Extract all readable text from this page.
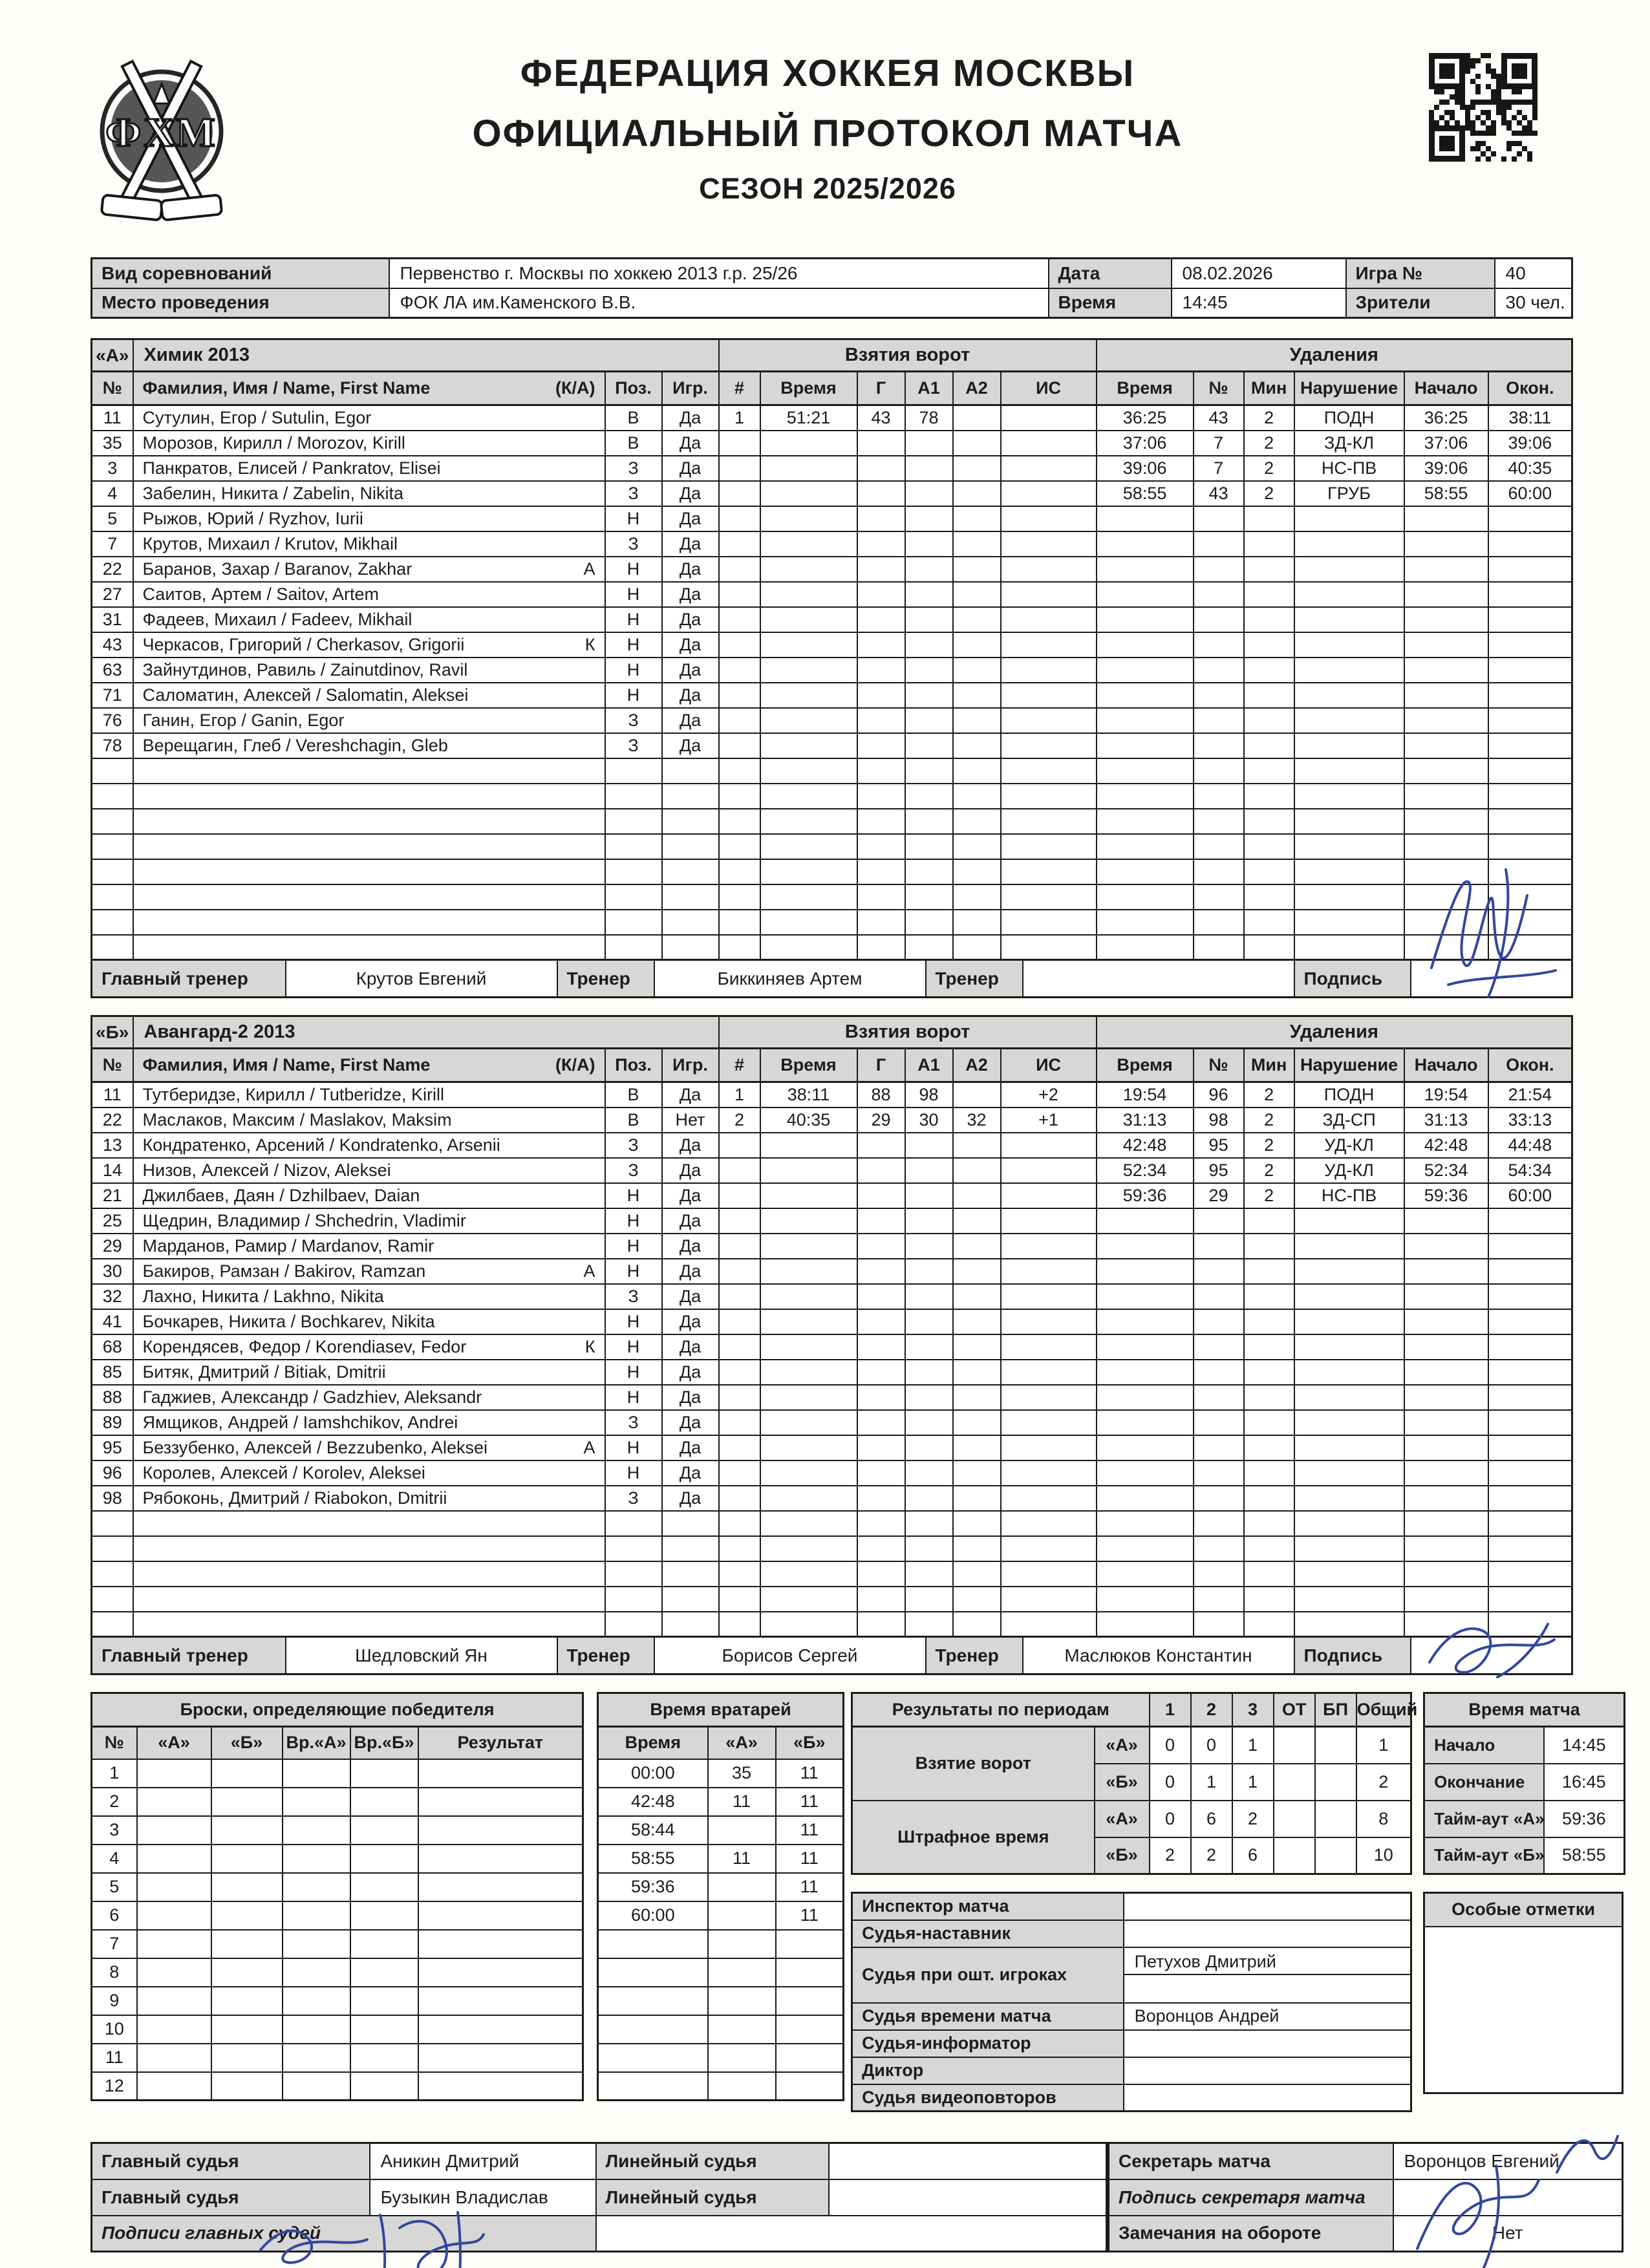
ФХМ
ФЕДЕРАЦИЯ ХОККЕЯ МОСКВЫ
ОФИЦИАЛЬНЫЙ ПРОТОКОЛ МАТЧА
СЕЗОН 2025/2026
Вид соревнований	Первенство г. Москвы по хоккею 2013 г.р. 25/26	Дата	08.02.2026	Игра №	40
Место проведения	ФОК ЛА им.Каменского В.В.	Время	14:45	Зрители	30 чел.
«А»	Химик 2013			Взятия ворот						Удаления					
№	Фамилия, Имя / Name, First Name (К/А)	Поз.	Игр.	#	Время	Г	А1	А2	ИС	Время	№	Мин	Нарушение	Начало	Окон.
11	Сутулин, Егор / Sutulin, Egor	В	Да	1	51:21	43	78			36:25	43	2	ПОДН	36:25	38:11
35	Морозов, Кирилл / Morozov, Kirill	В	Да							37:06	7	2	ЗД-КЛ	37:06	39:06
3	Панкратов, Елисей / Pankratov, Elisei	З	Да							39:06	7	2	НС-ПВ	39:06	40:35
4	Забелин, Никита / Zabelin, Nikita	З	Да							58:55	43	2	ГРУБ	58:55	60:00
5	Рыжов, Юрий / Ryzhov, Iurii	Н	Да												
7	Крутов, Михаил / Krutov, Mikhail	З	Да												
22	Баранов, Захар / Baranov, Zakhar А	Н	Да												
27	Саитов, Артем / Saitov, Artem	Н	Да												
31	Фадеев, Михаил / Fadeev, Mikhail	Н	Да												
43	Черкасов, Григорий / Cherkasov, Grigorii К	Н	Да												
63	Зайнутдинов, Равиль / Zainutdinov, Ravil	Н	Да												
71	Саломатин, Алексей / Salomatin, Aleksei	Н	Да												
76	Ганин, Егор / Ganin, Egor	З	Да												
78	Верещагин, Глеб / Vereshchagin, Gleb	З	Да												

Главный тренер	Крутов Евгений	Тренер	Биккиняев Артем	Тренер		Подпись	
«Б»	Авангард-2 2013			Взятия ворот						Удаления					
№	Фамилия, Имя / Name, First Name (К/А)	Поз.	Игр.	#	Время	Г	А1	А2	ИС	Время	№	Мин	Нарушение	Начало	Окон.
11	Тутберидзе, Кирилл / Tutberidze, Kirill	В	Да	1	38:11	88	98		+2	19:54	96	2	ПОДН	19:54	21:54
22	Маслаков, Максим / Maslakov, Maksim	В	Нет	2	40:35	29	30	32	+1	31:13	98	2	ЗД-СП	31:13	33:13
13	Кондратенко, Арсений / Kondratenko, Arsenii	З	Да							42:48	95	2	УД-КЛ	42:48	44:48
14	Низов, Алексей / Nizov, Aleksei	З	Да							52:34	95	2	УД-КЛ	52:34	54:34
21	Джилбаев, Даян / Dzhilbaev, Daian	Н	Да							59:36	29	2	НС-ПВ	59:36	60:00
25	Щедрин, Владимир / Shchedrin, Vladimir	Н	Да												
29	Марданов, Рамир / Mardanov, Ramir	Н	Да												
30	Бакиров, Рамзан / Bakirov, Ramzan А	Н	Да												
32	Лахно, Никита / Lakhno, Nikita	З	Да												
41	Бочкарев, Никита / Bochkarev, Nikita	Н	Да												
68	Корендясев, Федор / Korendiasev, Fedor К	Н	Да												
85	Битяк, Дмитрий / Bitiak, Dmitrii	Н	Да												
88	Гаджиев, Александр / Gadzhiev, Aleksandr	Н	Да												
89	Ямщиков, Андрей / Iamshchikov, Andrei	З	Да												
95	Беззубенко, Алексей / Bezzubenko, Aleksei А	Н	Да												
96	Королев, Алексей / Korolev, Aleksei	Н	Да												
98	Рябоконь, Дмитрий / Riabokon, Dmitrii	З	Да												

Главный тренер	Шедловский Ян	Тренер	Борисов Сергей	Тренер	Маслюков Константин	Подпись	
Броски, определяющие победителя					
№	«А»	«Б»	Вр.«А»	Вр.«Б»	Результат
1					
2					
3					
4					
5					
6					
7					
8					
9					
10					
11					
12					
Время вратарей		
Время	«А»	«Б»
00:00	35	11
42:48	11	11
58:44		11
58:55	11	11
59:36		11
60:00		11

Результаты по периодам		1	2	3	ОТ	БП	Общий
Взятие ворот	«А»	0	0	1			1
	«Б»	0	1	1			2
Штрафное время	«А»	0	6	2			8
	«Б»	2	2	6			10
Инспектор матча	
Судья-наставник	
Судья при ошт. игроках	Петухов Дмитрий

Судья времени матча	Воронцов Андрей
Судья-информатор	
Диктор	
Судья видеоповторов	
Время матча	
Начало	14:45
Окончание	16:45
Тайм-аут «А»	59:36
Тайм-аут «Б»	58:55
Особые отметки

Главный судья	Аникин Дмитрий	Линейный судья	
Главный судья	Бузыкин Владислав	Линейный судья	
Подписи главных судей		

Секретарь матча	Воронцов Евгений

Подпись секретаря матча	

Замечания на обороте	Нет
